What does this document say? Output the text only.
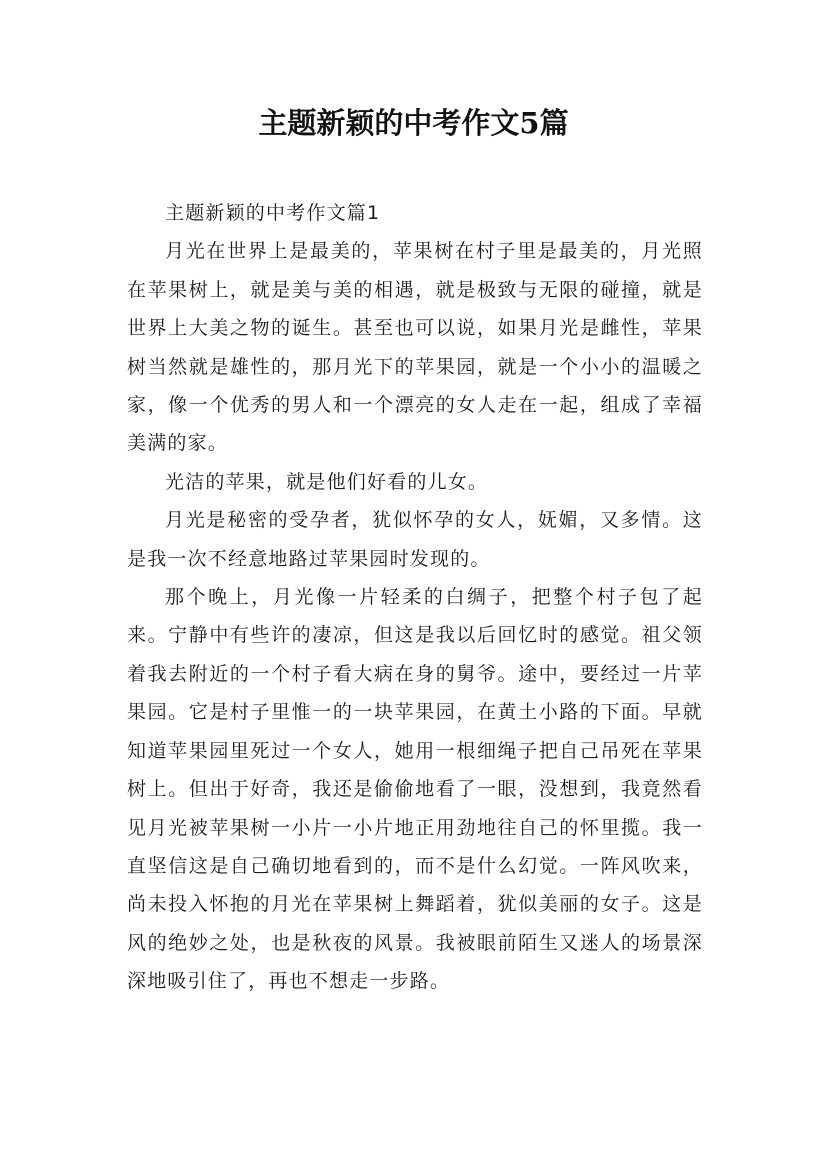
主题新颖的中考作文5篇

主题新颖的中考作文篇1

月光在世界上是最美的，苹果树在村子里是最美的，月光照在苹果树上，就是美与美的相遇，就是极致与无限的碰撞，就是世界上大美之物的诞生。甚至也可以说，如果月光是雌性，苹果树当然就是雄性的，那月光下的苹果园，就是一个小小的温暖之家，像一个优秀的男人和一个漂亮的女人走在一起，组成了幸福美满的家。

光洁的苹果，就是他们好看的儿女。

月光是秘密的受孕者，犹似怀孕的女人，妩媚，又多情。这是我一次不经意地路过苹果园时发现的。

那个晚上，月光像一片轻柔的白绸子，把整个村子包了起来。宁静中有些许的凄凉，但这是我以后回忆时的感觉。祖父领着我去附近的一个村子看大病在身的舅爷。途中，要经过一片苹果园。它是村子里惟一的一块苹果园，在黄土小路的下面。早就知道苹果园里死过一个女人，她用一根细绳子把自己吊死在苹果树上。但出于好奇，我还是偷偷地看了一眼，没想到，我竟然看见月光被苹果树一小片一小片地正用劲地往自己的怀里揽。我一直坚信这是自己确切地看到的，而不是什么幻觉。一阵风吹来，尚未投入怀抱的月光在苹果树上舞蹈着，犹似美丽的女子。这是风的绝妙之处，也是秋夜的风景。我被眼前陌生又迷人的场景深深地吸引住了，再也不想走一步路。
